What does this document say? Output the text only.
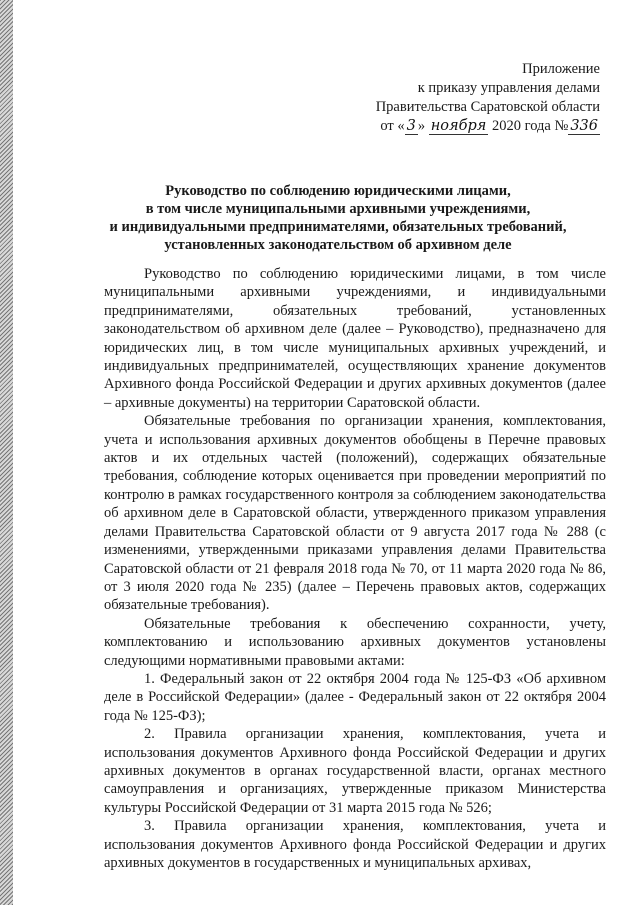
Приложение
к приказу управления делами
Правительства Саратовской области
от « 3 » ноября 2020 года № 336
Руководство по соблюдению юридическими лицами,
в том числе муниципальными архивными учреждениями,
и индивидуальными предпринимателями, обязательных требований,
установленных законодательством об архивном деле

Руководство по соблюдению юридическими лицами, в том числе муниципальными архивными учреждениями, и индивидуальными предпринимателями, обязательных требований, установленных законодательством об архивном деле (далее – Руководство), предназначено для юридических лиц, в том числе муниципальных архивных учреждений, и индивидуальных предпринимателей, осуществляющих хранение документов Архивного фонда Российской Федерации и других архивных документов (далее – архивные документы) на территории Саратовской области.

Обязательные требования по организации хранения, комплектования, учета и использования архивных документов обобщены в Перечне правовых актов и их отдельных частей (положений), содержащих обязательные требования, соблюдение которых оценивается при проведении мероприятий по контролю в рамках государственного контроля за соблюдением законодательства об архивном деле в Саратовской области, утвержденного приказом управления делами Правительства Саратовской области от 9 августа 2017 года № 288 (с изменениями, утвержденными приказами управления делами Правительства Саратовской области от 21 февраля 2018 года № 70, от 11 марта 2020 года № 86, от 3 июля 2020 года № 235) (далее – Перечень правовых актов, содержащих обязательные требования).

Обязательные требования к обеспечению сохранности, учету, комплектованию и использованию архивных документов установлены следующими нормативными правовыми актами:

1. Федеральный закон от 22 октября 2004 года № 125-ФЗ «Об архивном деле в Российской Федерации» (далее - Федеральный закон от 22 октября 2004 года № 125-ФЗ);

2. Правила организации хранения, комплектования, учета и использования документов Архивного фонда Российской Федерации и других архивных документов в органах государственной власти, органах местного самоуправления и организациях, утвержденные приказом Министерства культуры Российской Федерации от 31 марта 2015 года № 526;

3. Правила организации хранения, комплектования, учета и использования документов Архивного фонда Российской Федерации и других архивных документов в государственных и муниципальных архивах,
